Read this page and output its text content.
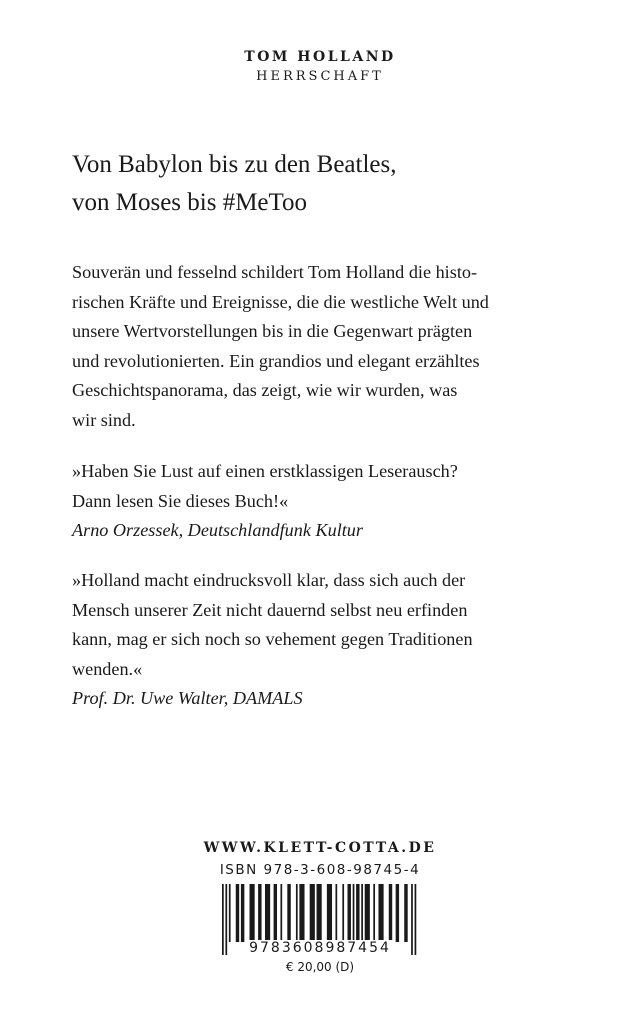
TOM HOLLAND
HERRSCHAFT
Von Babylon bis zu den Beatles,
von Moses bis #MeToo
Souverän und fesselnd schildert Tom Holland die histo-
rischen Kräfte und Ereignisse, die die westliche Welt und
unsere Wertvorstellungen bis in die Gegenwart prägten
und revolutionierten. Ein grandios und elegant erzähltes
Geschichtspanorama, das zeigt, wie wir wurden, was
wir sind.
»Haben Sie Lust auf einen erstklassigen Leserausch?
Dann lesen Sie dieses Buch!«
Arno Orzessek, Deutschlandfunk Kultur
»Holland macht eindrucksvoll klar, dass sich auch der
Mensch unserer Zeit nicht dauernd selbst neu erfinden
kann, mag er sich noch so vehement gegen Traditionen
wenden.«
Prof. Dr. Uwe Walter, DAMALS
WWW.KLETT-COTTA.DE
ISBN 978-3-608-98745-4
9783608987454
€ 20,00 (D)
